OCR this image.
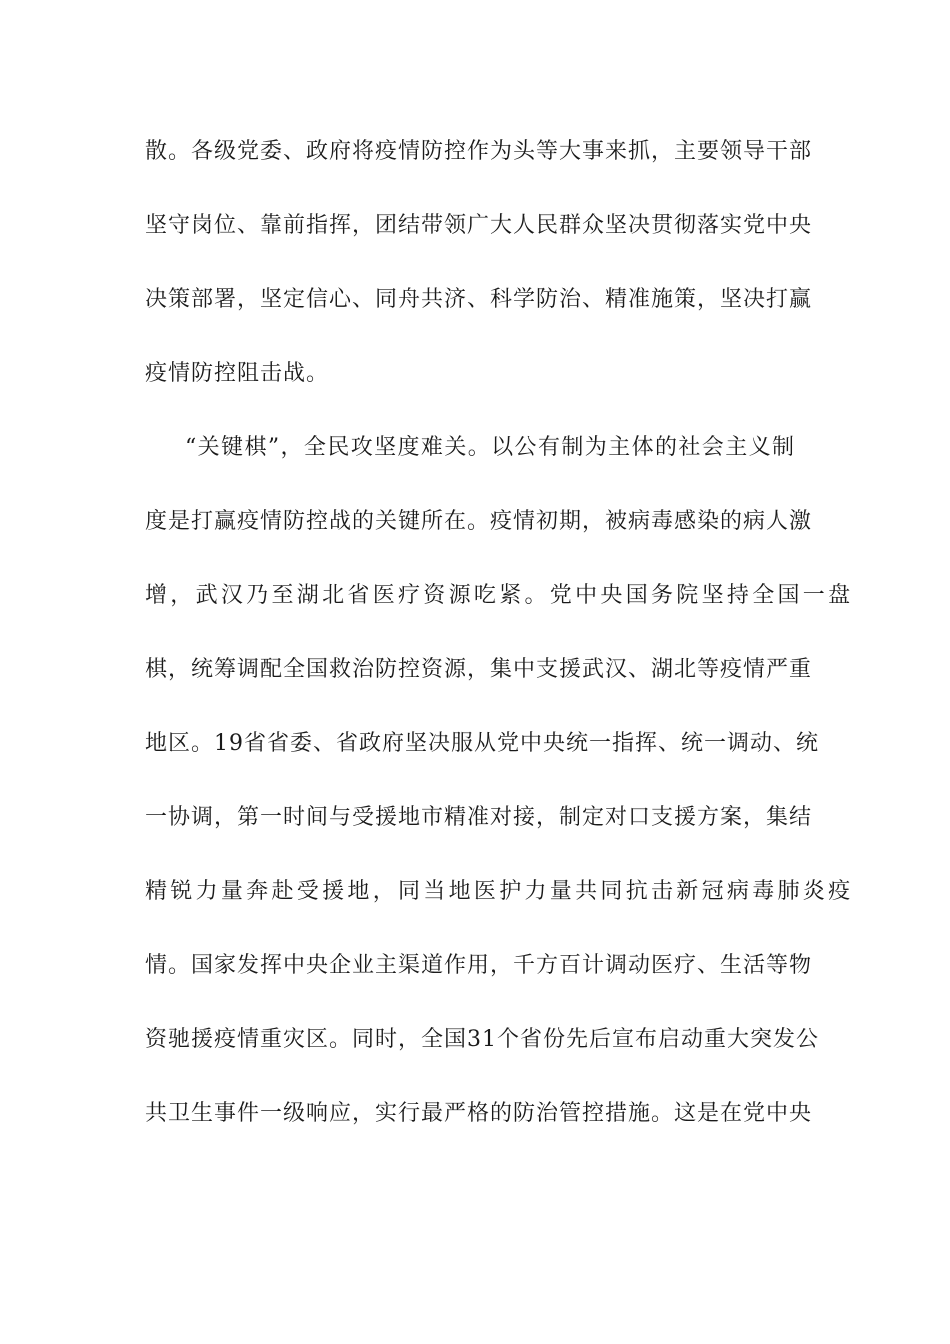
散。各级党委、政府将疫情防控作为头等大事来抓，主要领导干部
坚守岗位、靠前指挥，团结带领广大人民群众坚决贯彻落实党中央
决策部署，坚定信心、同舟共济、科学防治、精准施策，坚决打赢
疫情防控阻击战。
“关键棋”，全民攻坚度难关。以公有制为主体的社会主义制
度是打赢疫情防控战的关键所在。疫情初期，被病毒感染的病人激
增，武汉乃至湖北省医疗资源吃紧。党中央国务院坚持全国一盘
棋，统筹调配全国救治防控资源，集中支援武汉、湖北等疫情严重
地区。19省省委、省政府坚决服从党中央统一指挥、统一调动、统
一协调，第一时间与受援地市精准对接，制定对口支援方案，集结
精锐力量奔赴受援地，同当地医护力量共同抗击新冠病毒肺炎疫
情。国家发挥中央企业主渠道作用，千方百计调动医疗、生活等物
资驰援疫情重灾区。同时，全国31个省份先后宣布启动重大突发公
共卫生事件一级响应，实行最严格的防治管控措施。这是在党中央
